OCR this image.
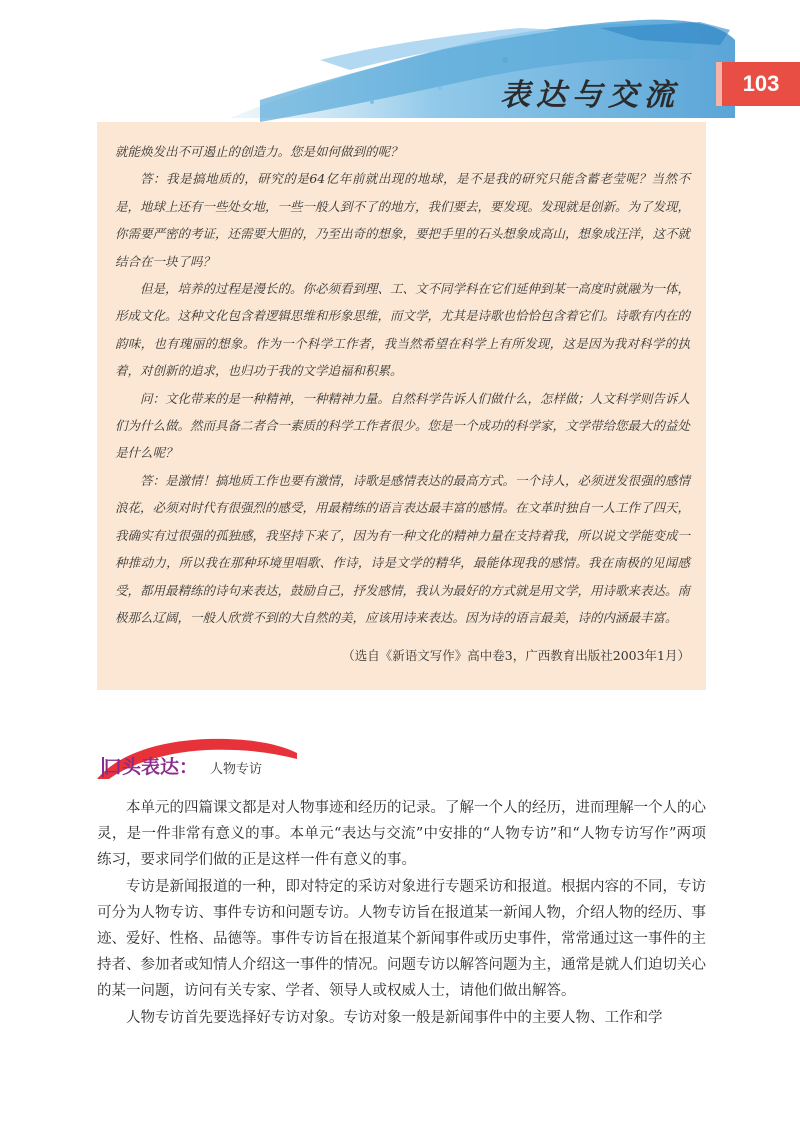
表达与交流	103

就能焕发出不可遏止的创造力。您是如何做到的呢？

答：我是搞地质的，研究的是64亿年前就出现的地球，是不是我的研究只能含蓄老莹呢？当然不是，地球上还有一些处女地，一些一般人到不了的地方，我们要去，要发现。发现就是创新。为了发现，你需要严密的考证，还需要大胆的，乃至出奇的想象，要把手里的石头想象成高山，想象成汪洋，这不就结合在一块了吗？

但是，培养的过程是漫长的。你必须看到理、工、文不同学科在它们延伸到某一高度时就融为一体，形成文化。这种文化包含着逻辑思维和形象思维，而文学，尤其是诗歌也恰恰包含着它们。诗歌有内在的韵味，也有瑰丽的想象。作为一个科学工作者，我当然希望在科学上有所发现，这是因为我对科学的执着，对创新的追求，也归功于我的文学追福和积累。

问：文化带来的是一种精神，一种精神力量。自然科学告诉人们做什么，怎样做；人文科学则告诉人们为什么做。然而具备二者合一素质的科学工作者很少。您是一个成功的科学家，文学带给您最大的益处是什么呢？

答：是激情！搞地质工作也要有激情，诗歌是感情表达的最高方式。一个诗人，必须迸发很强的感情浪花，必须对时代有很强烈的感受，用最精练的语言表达最丰富的感情。在文革时独自一人工作了四天，我确实有过很强的孤独感，我坚持下来了，因为有一种文化的精神力量在支持着我，所以说文学能变成一种推动力，所以我在那种环境里唱歌、作诗，诗是文学的精华，最能体现我的感情。我在南极的见闻感受，都用最精练的诗句来表达，鼓励自己，抒发感情，我认为最好的方式就是用文学，用诗歌来表达。南极那么辽阔，一般人欣赏不到的大自然的美，应该用诗来表达。因为诗的语言最美，诗的内涵最丰富。

（选自《新语文写作》高中卷3，广西教育出版社2003年1月）
口头表达： 人物专访

本单元的四篇课文都是对人物事迹和经历的记录。了解一个人的经历，进而理解一个人的心灵，是一件非常有意义的事。本单元“表达与交流”中安排的“人物专访”和“人物专访写作”两项练习，要求同学们做的正是这样一件有意义的事。

专访是新闻报道的一种，即对特定的采访对象进行专题采访和报道。根据内容的不同，专访可分为人物专访、事件专访和问题专访。人物专访旨在报道某一新闻人物，介绍人物的经历、事迹、爱好、性格、品德等。事件专访旨在报道某个新闻事件或历史事件，常常通过这一事件的主持者、参加者或知情人介绍这一事件的情况。问题专访以解答问题为主，通常是就人们迫切关心的某一问题，访问有关专家、学者、领导人或权威人士，请他们做出解答。

人物专访首先要选择好专访对象。专访对象一般是新闻事件中的主要人物、工作和学
